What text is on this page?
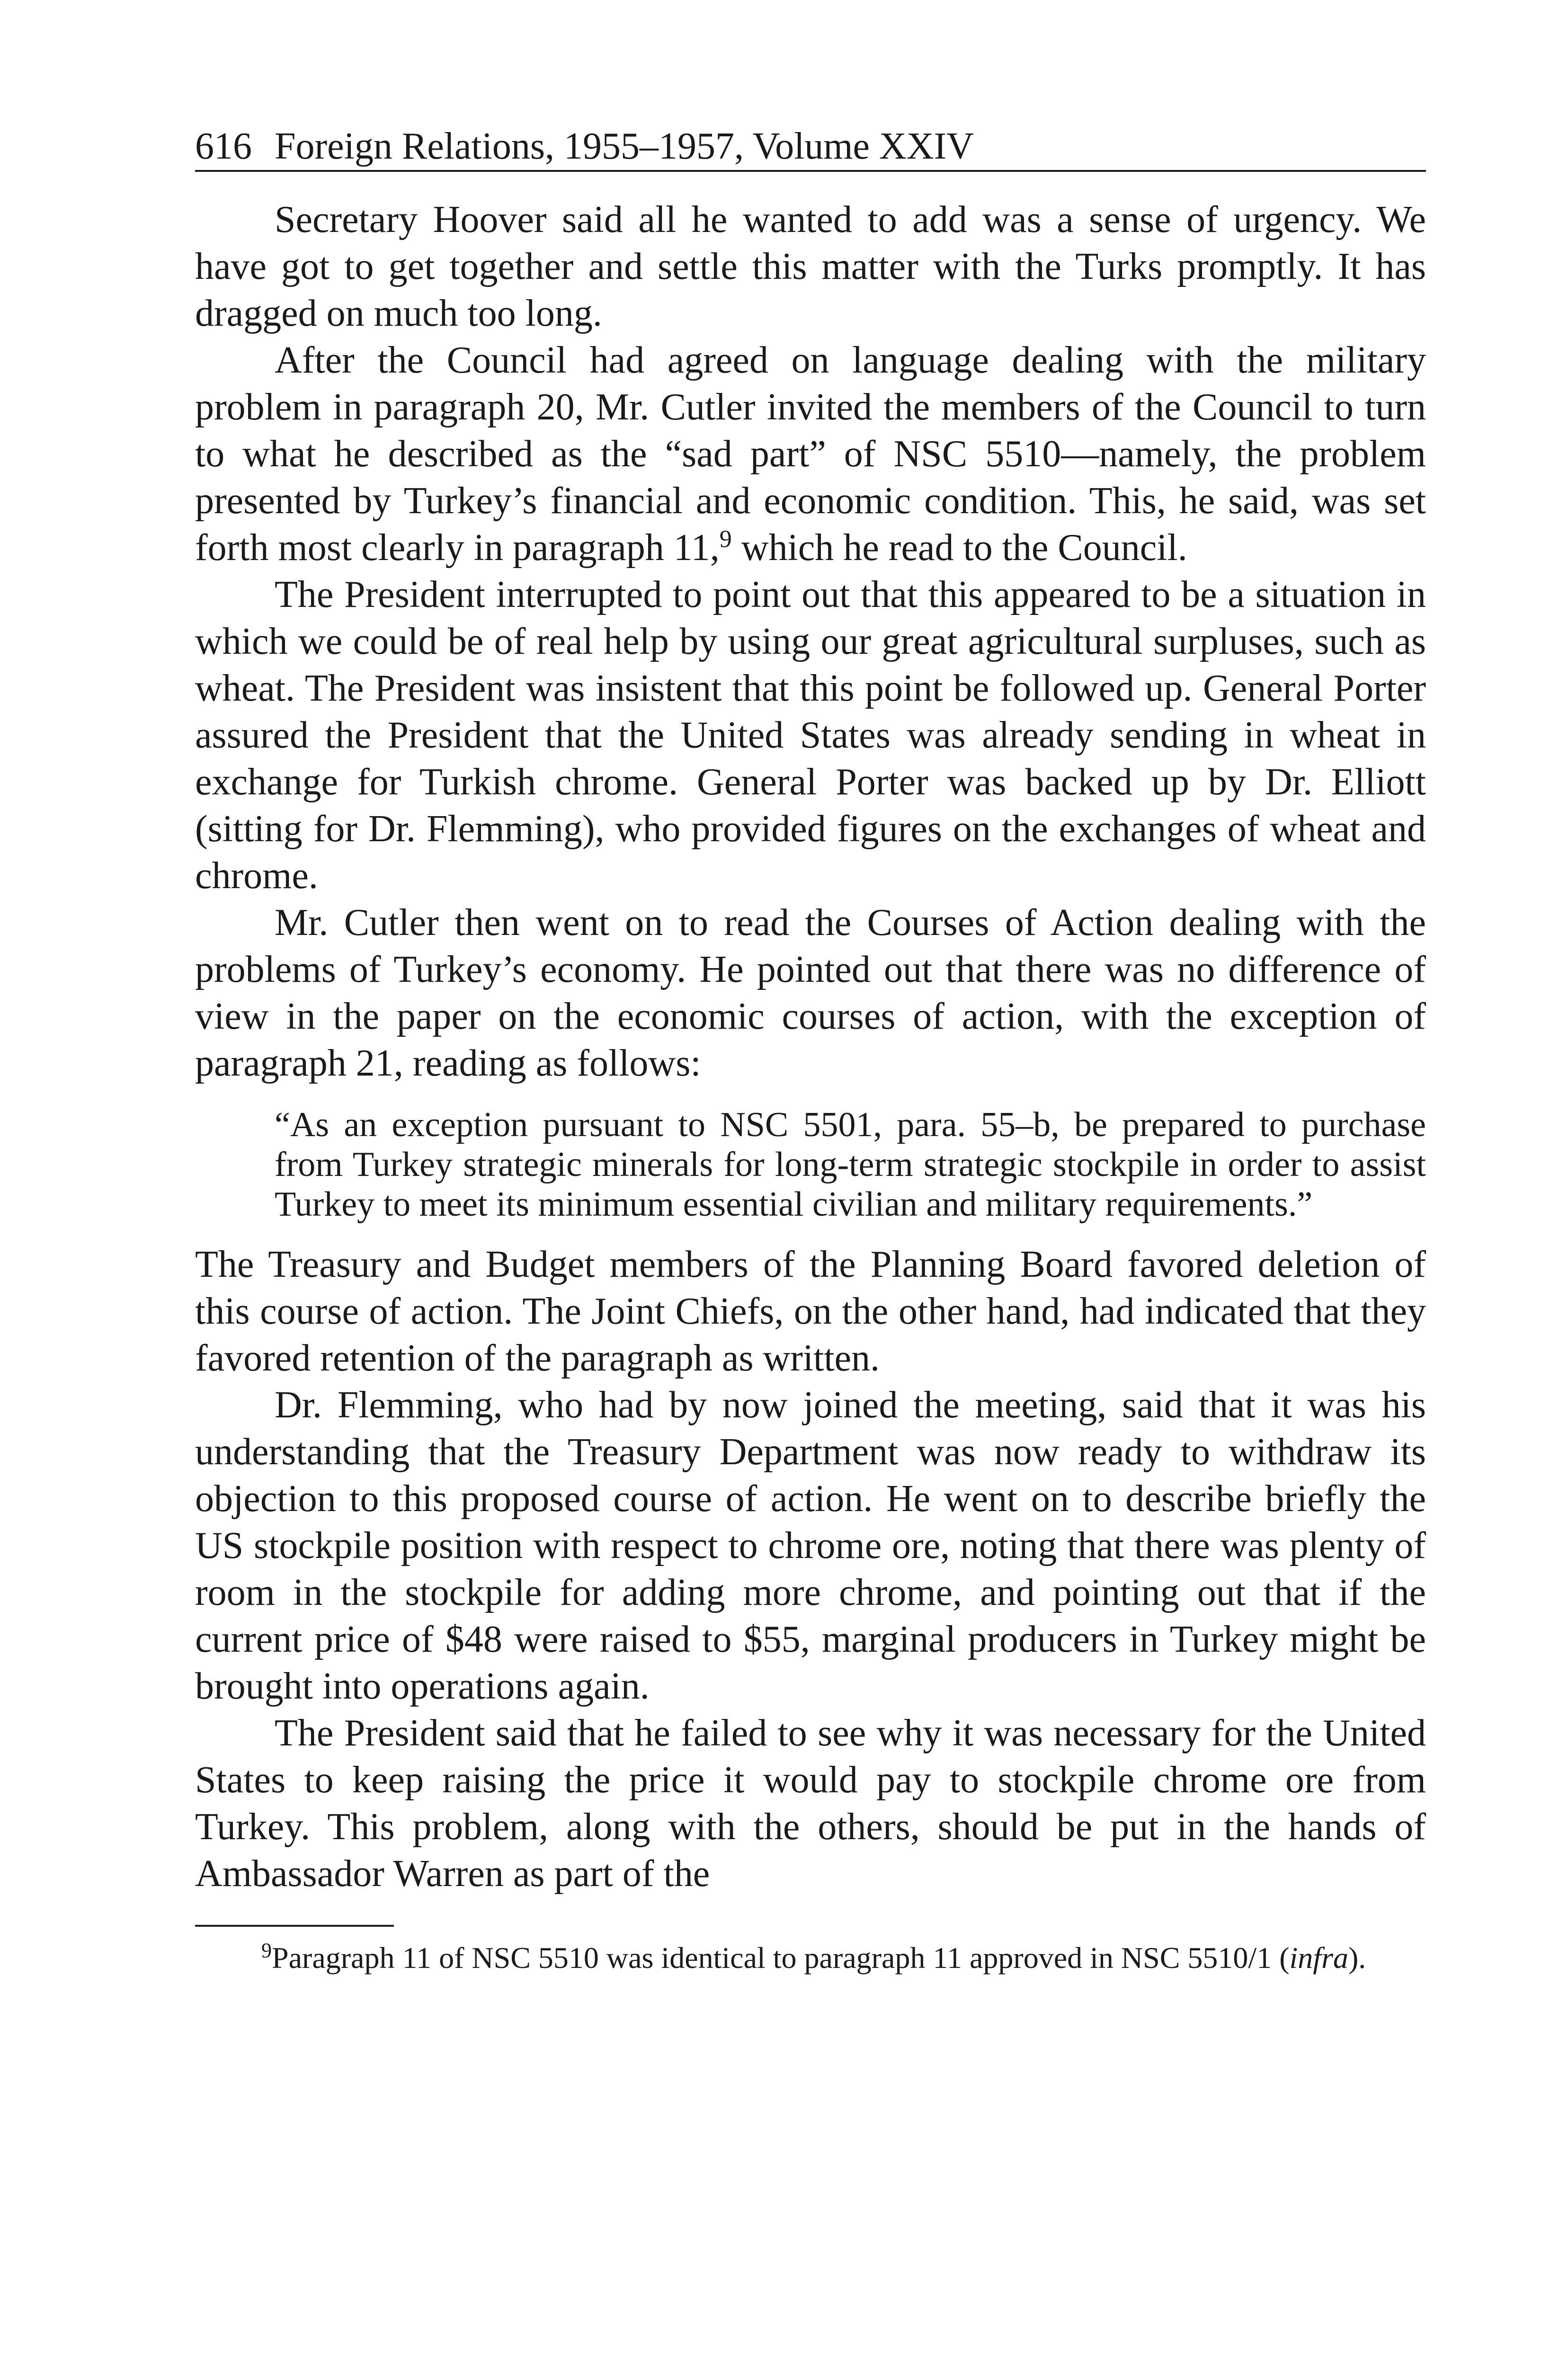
616 Foreign Relations, 1955–1957, Volume XXIV

Secretary Hoover said all he wanted to add was a sense of urgency. We have got to get together and settle this matter with the Turks promptly. It has dragged on much too long.

After the Council had agreed on language dealing with the military problem in paragraph 20, Mr. Cutler invited the members of the Council to turn to what he described as the “sad part” of NSC 5510—namely, the problem presented by Turkey’s financial and economic condition. This, he said, was set forth most clearly in paragraph 11,$^9$ which he read to the Council.

The President interrupted to point out that this appeared to be a situation in which we could be of real help by using our great agricultural surpluses, such as wheat. The President was insistent that this point be followed up. General Porter assured the President that the United States was already sending in wheat in exchange for Turkish chrome. General Porter was backed up by Dr. Elliott (sitting for Dr. Flemming), who provided figures on the exchanges of wheat and chrome.

Mr. Cutler then went on to read the Courses of Action dealing with the problems of Turkey’s economy. He pointed out that there was no difference of view in the paper on the economic courses of action, with the exception of paragraph 21, reading as follows:

“As an exception pursuant to NSC 5501, para. 55–b, be prepared to purchase from Turkey strategic minerals for long-term strategic stockpile in order to assist Turkey to meet its minimum essential civilian and military requirements.”

The Treasury and Budget members of the Planning Board favored deletion of this course of action. The Joint Chiefs, on the other hand, had indicated that they favored retention of the paragraph as written.

Dr. Flemming, who had by now joined the meeting, said that it was his understanding that the Treasury Department was now ready to withdraw its objection to this proposed course of action. He went on to describe briefly the US stockpile position with respect to chrome ore, noting that there was plenty of room in the stockpile for adding more chrome, and pointing out that if the current price of $48 were raised to $55, marginal producers in Turkey might be brought into operations again.

The President said that he failed to see why it was necessary for the United States to keep raising the price it would pay to stockpile chrome ore from Turkey. This problem, along with the others, should be put in the hands of Ambassador Warren as part of the

$^9$Paragraph 11 of NSC 5510 was identical to paragraph 11 approved in NSC 5510/1 (infra).
